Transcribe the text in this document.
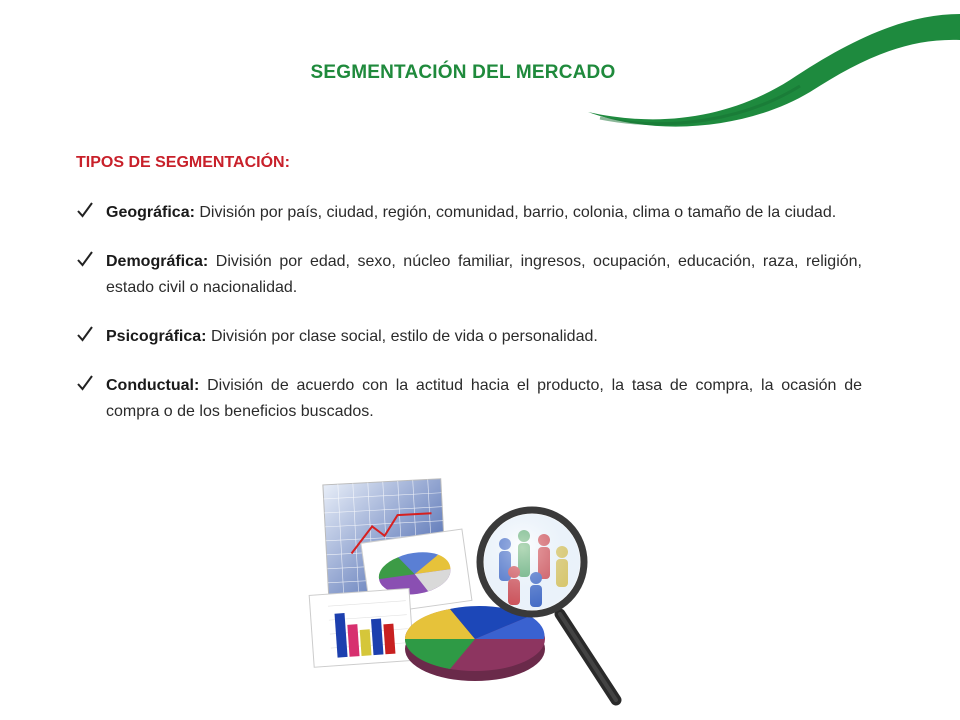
SEGMENTACIÓN DEL MERCADO
TIPOS DE SEGMENTACIÓN:
Geográfica: División por país, ciudad, región, comunidad, barrio, colonia, clima o tamaño de la ciudad.
Demográfica: División por edad, sexo, núcleo familiar, ingresos, ocupación, educación, raza, religión, estado civil o nacionalidad.
Psicográfica: División por clase social, estilo de vida o personalidad.
Conductual: División de acuerdo con la actitud hacia el producto, la tasa de compra, la ocasión de compra o de los beneficios buscados.
